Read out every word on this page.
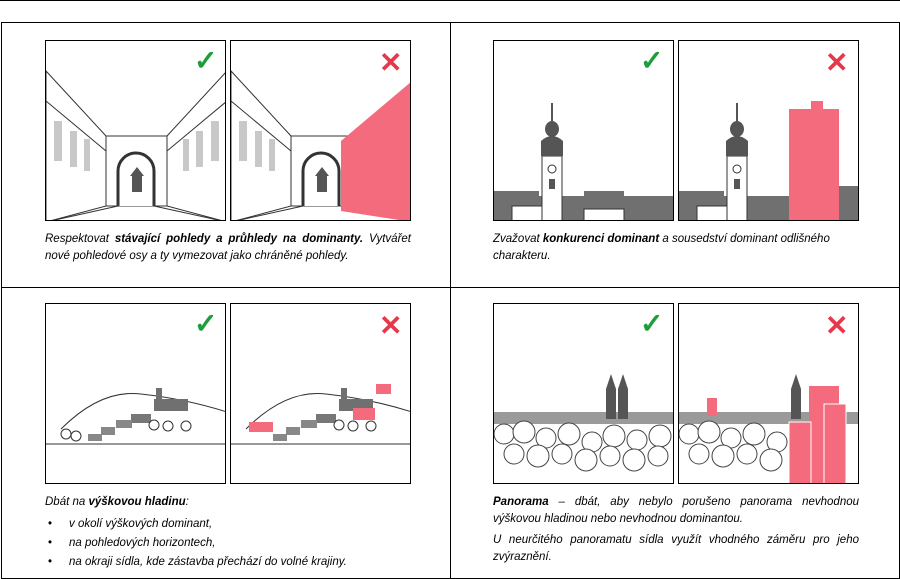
✓	✕
Respektovat stávající pohledy a průhledy na dominanty. Vytvářet nové pohledové osy a ty vymezovat jako chráněné pohledy.
✓	✕
Zvažovat konkurenci dominant a sousedství dominant odlišného charakteru.
✓	✕

Dbát na výškovou hladinu:

• v okolí výškových dominant,
• na pohledových horizontech,
• na okraji sídla, kde zástavba přechází do volné krajiny.
✓	✕

Panorama – dbát, aby nebylo porušeno panorama nevhodnou výškovou hladinou nebo nevhodnou dominantou.

U neurčitého panoramatu sídla využít vhodného záměru pro jeho zvýraznění.
